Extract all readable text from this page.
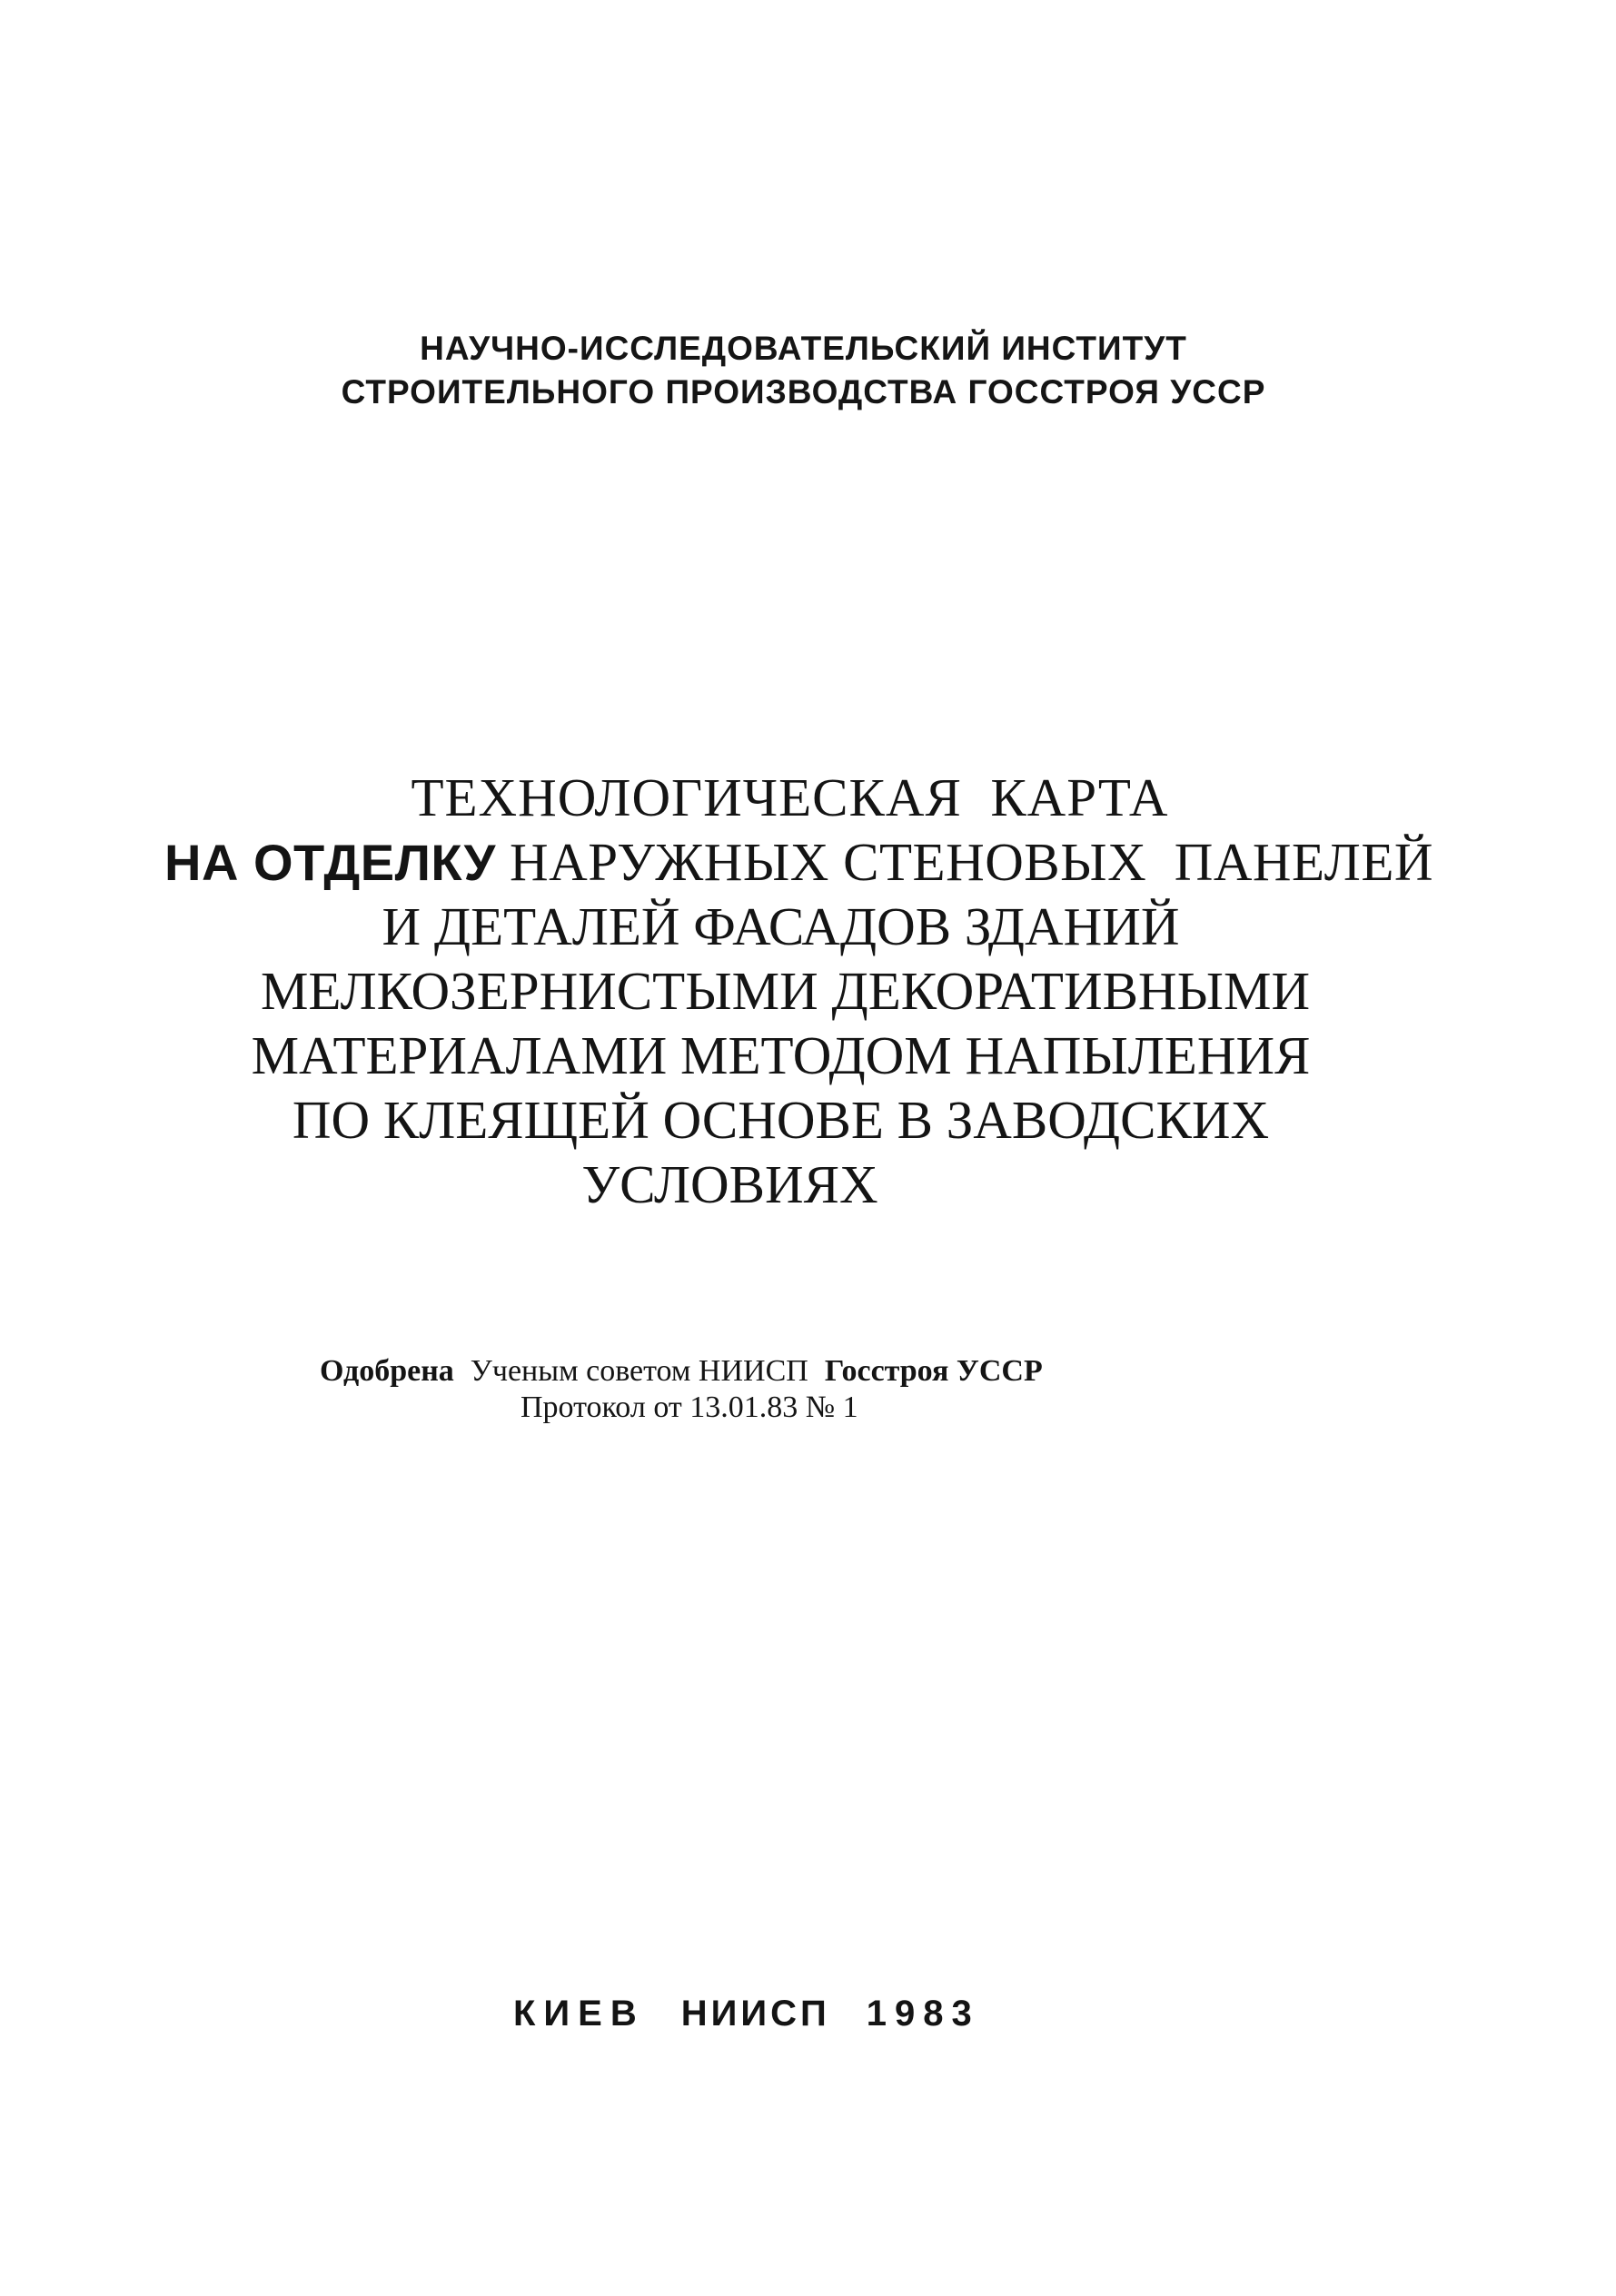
НАУЧНО-ИССЛЕДОВАТЕЛЬСКИЙ ИНСТИТУТ
СТРОИТЕЛЬНОГО ПРОИЗВОДСТВА ГОССТРОЯ УССР
ТЕХНОЛОГИЧЕСКАЯ  КАРТА
НА ОТДЕЛКУ НАРУЖНЫХ СТЕНОВЫХ  ПАНЕЛЕЙ
И ДЕТАЛЕЙ ФАСАДОВ ЗДАНИЙ
МЕЛКОЗЕРНИСТЫМИ ДЕКОРАТИВНЫМИ
МАТЕРИАЛАМИ МЕТОДОМ НАПЫЛЕНИЯ
ПО КЛЕЯЩЕЙ ОСНОВЕ В ЗАВОДСКИХ
УСЛОВИЯХ
Одобрена Ученым советом НИИСП Госстроя УССР
Протокол от 13.01.83 № 1
КИЕВ НИИСП 1983
